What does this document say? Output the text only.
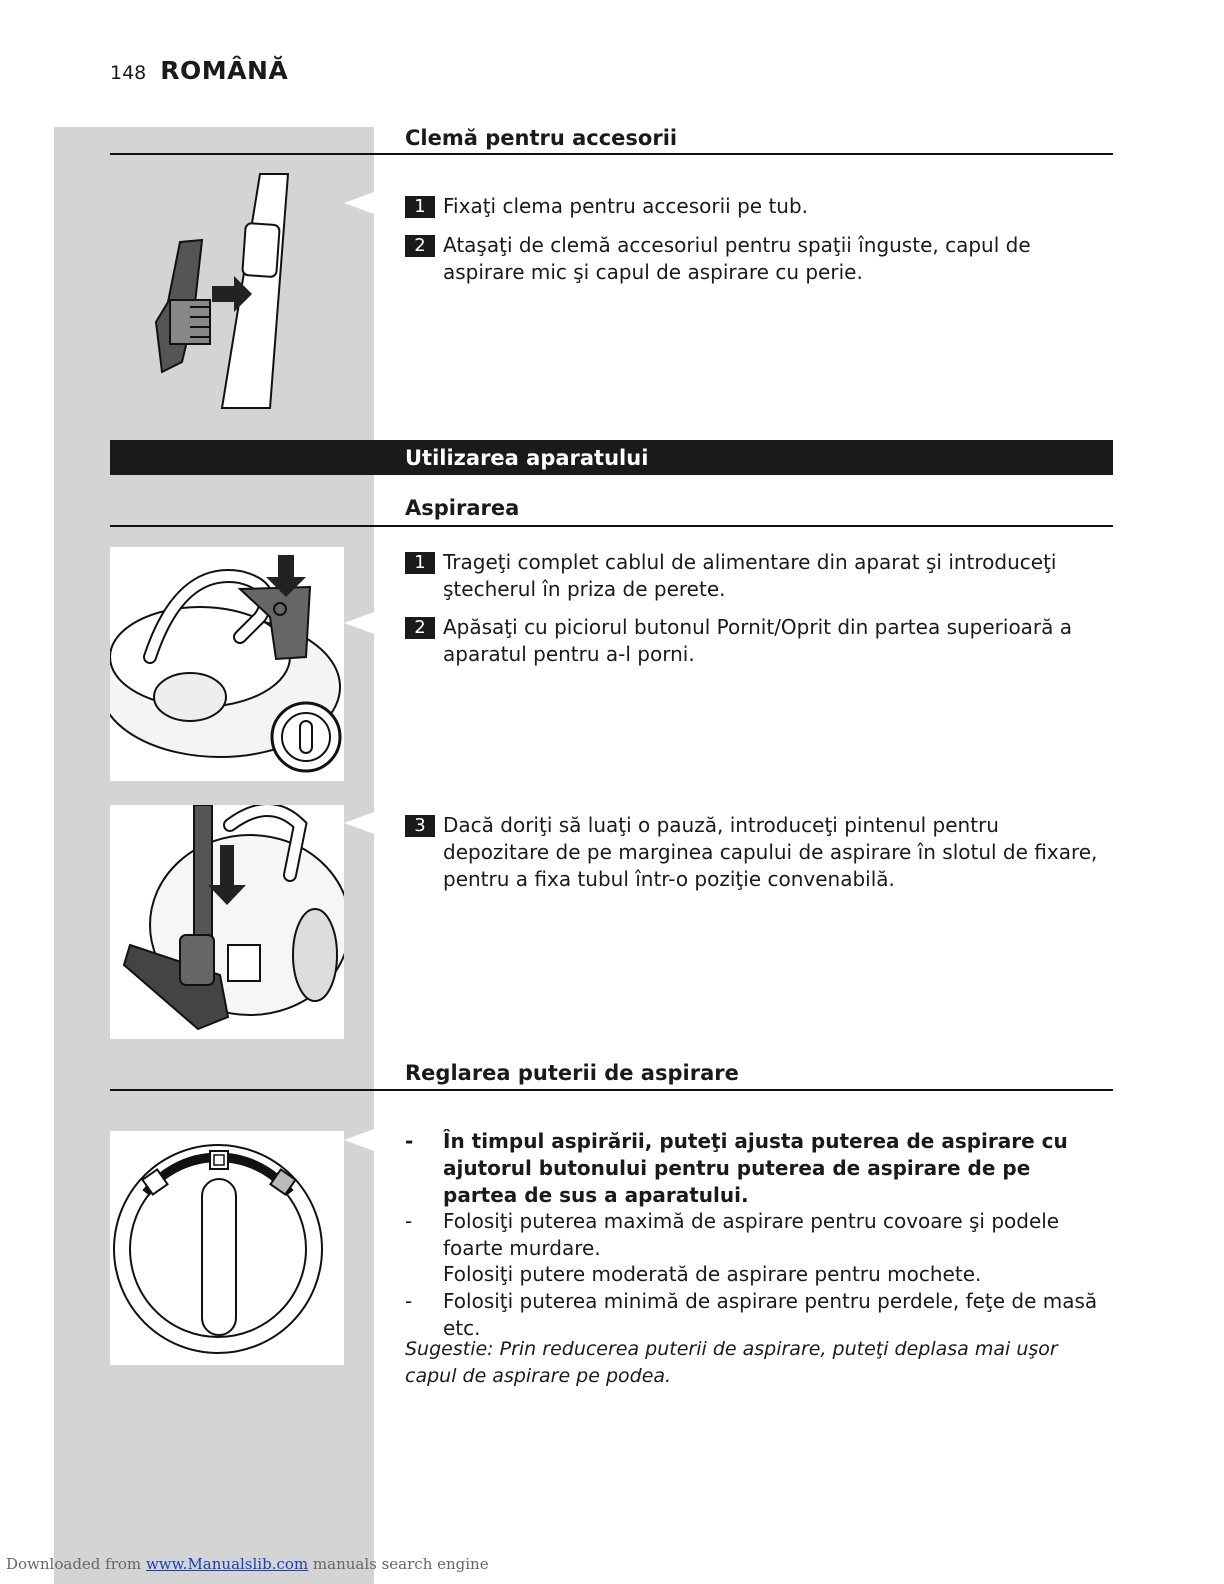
148 ROMÂNĂ
Clemă pentru accesorii
1 Fixaţi clema pentru accesorii pe tub.
2 Ataşaţi de clemă accesoriul pentru spaţii înguste, capul de aspirare mic şi capul de aspirare cu perie.
Utilizarea aparatului
Aspirarea
1 Trageţi complet cablul de alimentare din aparat şi introduceţi ştecherul în priza de perete.
2 Apăsaţi cu piciorul butonul Pornit/Oprit din partea superioară a aparatul pentru a-l porni.
3 Dacă doriţi să luaţi o pauză, introduceţi pintenul pentru depozitare de pe marginea capului de aspirare în slotul de fixare, pentru a fixa tubul într-o poziţie convenabilă.
Reglarea puterii de aspirare
- În timpul aspirării, puteţi ajusta puterea de aspirare cu ajutorul butonului pentru puterea de aspirare de pe partea de sus a aparatului.
- Folosiţi puterea maximă de aspirare pentru covoare şi podele foarte murdare.
Folosiţi putere moderată de aspirare pentru mochete.
- Folosiţi puterea minimă de aspirare pentru perdele, feţe de masă etc.
Sugestie: Prin reducerea puterii de aspirare, puteţi deplasa mai uşor capul de aspirare pe podea.
Downloaded from www.Manualslib.com manuals search engine
